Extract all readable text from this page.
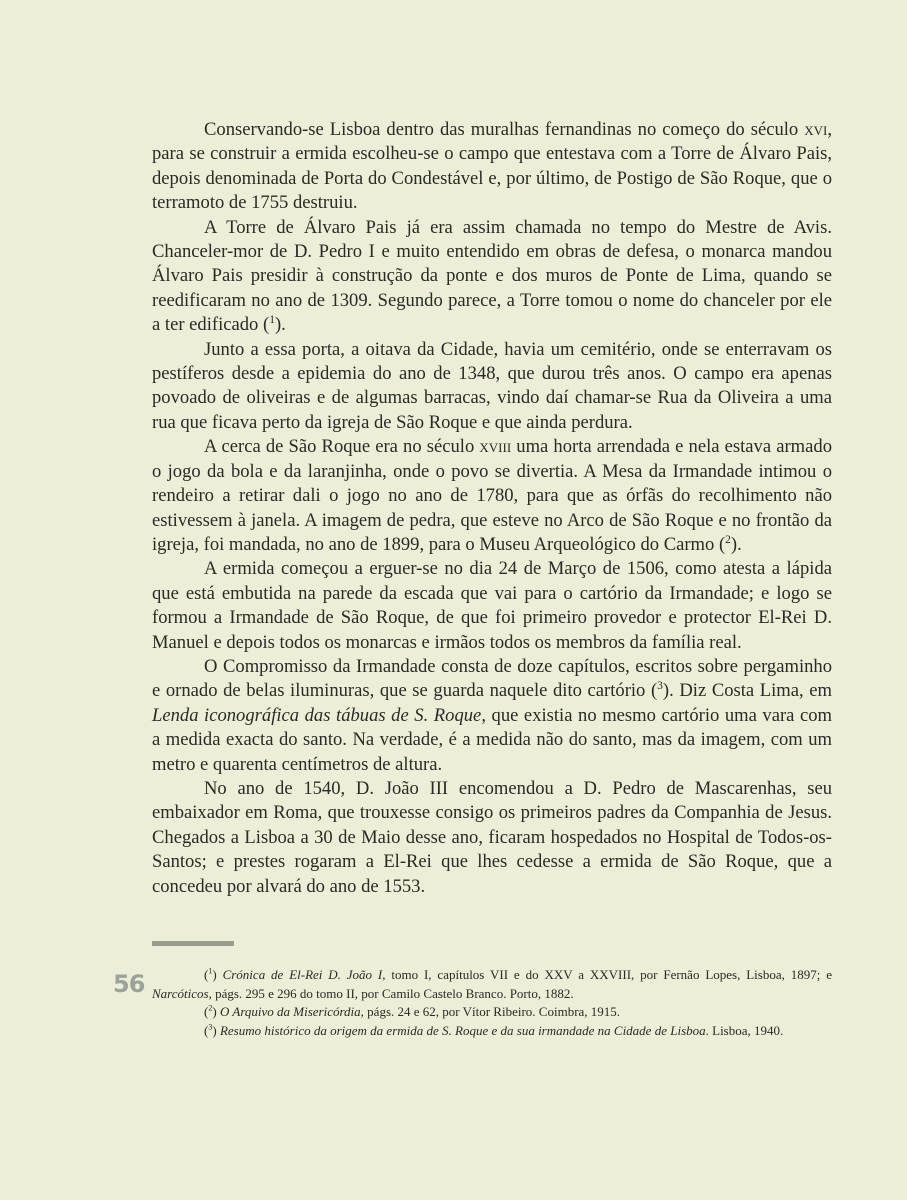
Conservando-se Lisboa dentro das muralhas fernandinas no começo do século xvi, para se construir a ermida escolheu-se o campo que entestava com a Torre de Álvaro Pais, depois denominada de Porta do Condestável e, por último, de Postigo de São Roque, que o terramoto de 1755 destruiu.

A Torre de Álvaro Pais já era assim chamada no tempo do Mestre de Avis. Chanceler-mor de D. Pedro I e muito entendido em obras de defesa, o monarca mandou Álvaro Pais presidir à construção da ponte e dos muros de Ponte de Lima, quando se reedificaram no ano de 1309. Segundo parece, a Torre tomou o nome do chanceler por ele a ter edificado ($^1$).

Junto a essa porta, a oitava da Cidade, havia um cemitério, onde se enterravam os pestíferos desde a epidemia do ano de 1348, que durou três anos. O campo era apenas povoado de oliveiras e de algumas barracas, vindo daí chamar-se Rua da Oliveira a uma rua que ficava perto da igreja de São Roque e que ainda perdura.

A cerca de São Roque era no século xviii uma horta arrendada e nela estava armado o jogo da bola e da laranjinha, onde o povo se divertia. A Mesa da Irmandade intimou o rendeiro a retirar dali o jogo no ano de 1780, para que as órfãs do recolhimento não estivessem à janela. A imagem de pedra, que esteve no Arco de São Roque e no frontão da igreja, foi mandada, no ano de 1899, para o Museu Arqueológico do Carmo ($^2$).

A ermida começou a erguer-se no dia 24 de Março de 1506, como atesta a lápida que está embutida na parede da escada que vai para o cartório da Irmandade; e logo se formou a Irmandade de São Roque, de que foi primeiro provedor e protector El-Rei D. Manuel e depois todos os monarcas e irmãos todos os membros da família real.

O Compromisso da Irmandade consta de doze capítulos, escritos sobre pergaminho e ornado de belas iluminuras, que se guarda naquele dito cartório ($^3$). Diz Costa Lima, em Lenda iconográfica das tábuas de S. Roque, que existia no mesmo cartório uma vara com a medida exacta do santo. Na verdade, é a medida não do santo, mas da imagem, com um metro e quarenta centímetros de altura.

No ano de 1540, D. João III encomendou a D. Pedro de Mascarenhas, seu embaixador em Roma, que trouxesse consigo os primeiros padres da Companhia de Jesus. Chegados a Lisboa a 30 de Maio desse ano, ficaram hospedados no Hospital de Todos-os-Santos; e prestes rogaram a El-Rei que lhes cedesse a ermida de São Roque, que a concedeu por alvará do ano de 1553.

56	($^1$) Crónica de El-Rei D. João I, tomo I, capítulos VII e do XXV a XXVIII, por Fernão Lopes, Lisboa, 1897; e Narcóticos, págs. 295 e 296 do tomo II, por Camilo Castelo Branco. Porto, 1882.

($^2$) O Arquivo da Misericórdia, págs. 24 e 62, por Vítor Ribeiro. Coimbra, 1915.

($^3$) Resumo histórico da origem da ermida de S. Roque e da sua irmandade na Cidade de Lisboa. Lisboa, 1940.
